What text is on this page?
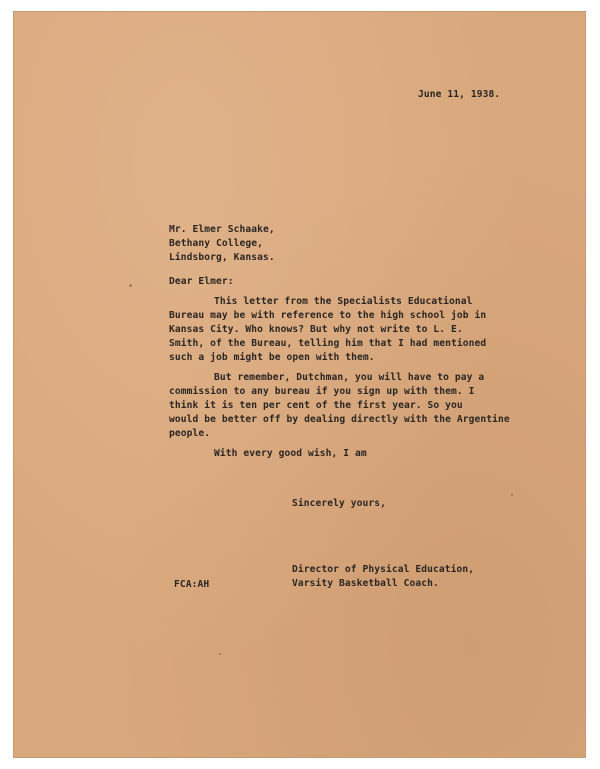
June 11, 1938.
Mr. Elmer Schaake,
Bethany College,
Lindsborg, Kansas.
Dear Elmer:
This letter from the Specialists Educational
Bureau may be with reference to the high school job in
Kansas City. Who knows? But why not write to L. E.
Smith, of the Bureau, telling him that I had mentioned
such a job might be open with them.
But remember, Dutchman, you will have to pay a
commission to any bureau if you sign up with them. I
think it is ten per cent of the first year. So you
would be better off by dealing directly with the Argentine
people.
With every good wish, I am
Sincerely yours,
Director of Physical Education,
Varsity Basketball Coach.
FCA:AH
